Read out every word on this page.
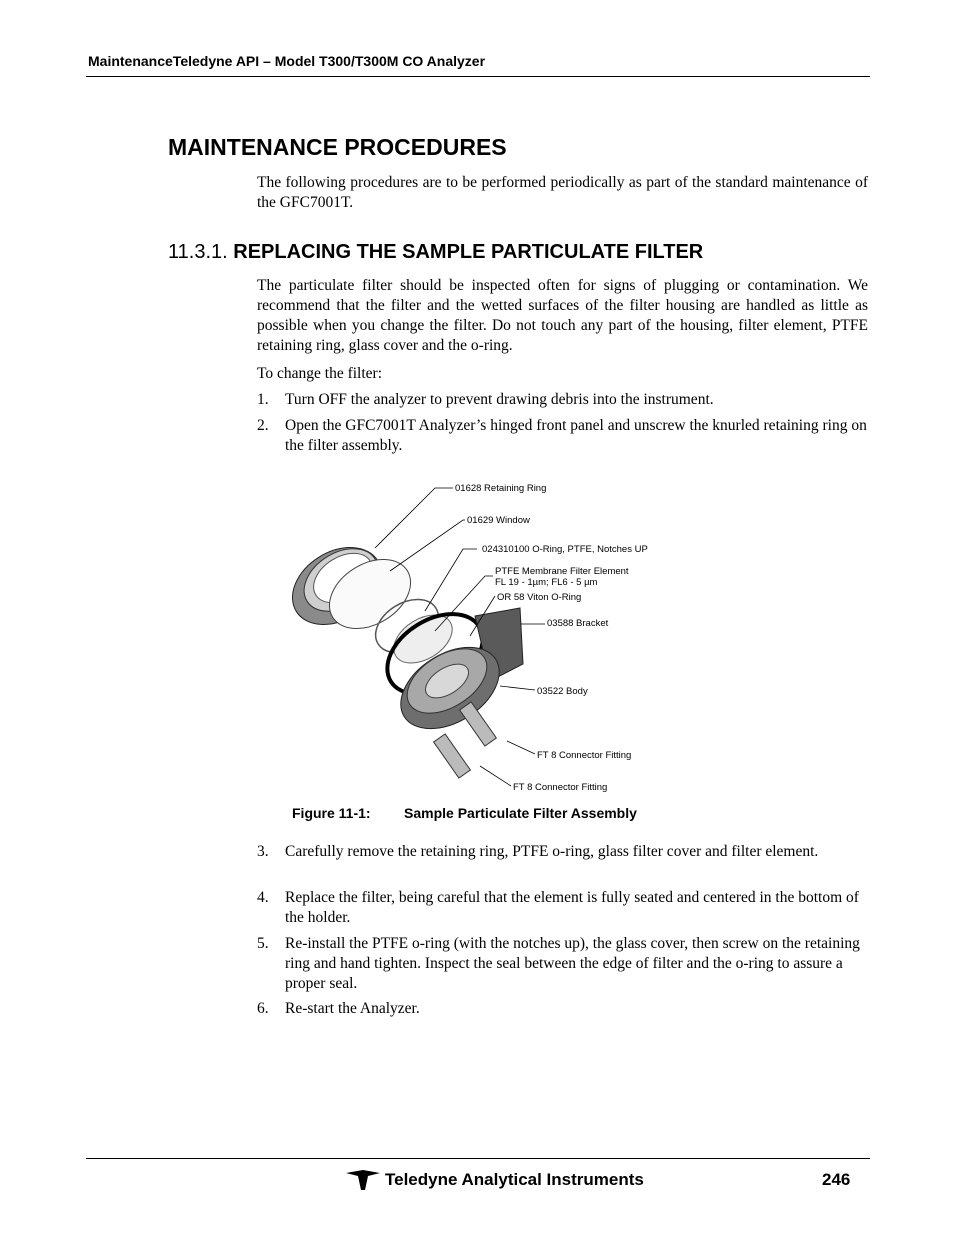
MaintenanceTeledyne API – Model T300/T300M CO Analyzer
MAINTENANCE PROCEDURES

The following procedures are to be performed periodically as part of the standard maintenance of the GFC7001T.

11.3.1. REPLACING THE SAMPLE PARTICULATE FILTER

The particulate filter should be inspected often for signs of plugging or contamination. We recommend that the filter and the wetted surfaces of the filter housing are handled as little as possible when you change the filter. Do not touch any part of the housing, filter element, PTFE retaining ring, glass cover and the o-ring.

To change the filter:

1. Turn OFF the analyzer to prevent drawing debris into the instrument.
2. Open the GFC7001T Analyzer’s hinged front panel and unscrew the knurled retaining ring on the filter assembly.
01628 Retaining Ring
01629 Window
024310100 O-Ring, PTFE, Notches UP
PTFE Membrane Filter Element
FL 19 - 1µm; FL6 - 5 µm
OR 58 Viton O-Ring
03588 Bracket
03522 Body
FT 8 Connector Fitting
FT 8 Connector Fitting
Figure 11-1: Sample Particulate Filter Assembly
3. Carefully remove the retaining ring, PTFE o-ring, glass filter cover and filter element.
4. Replace the filter, being careful that the element is fully seated and centered in the bottom of the holder.
5. Re-install the PTFE o-ring (with the notches up), the glass cover, then screw on the retaining ring and hand tighten. Inspect the seal between the edge of filter and the o-ring to assure a proper seal.
6. Re-start the Analyzer.
Teledyne Analytical Instruments	246
